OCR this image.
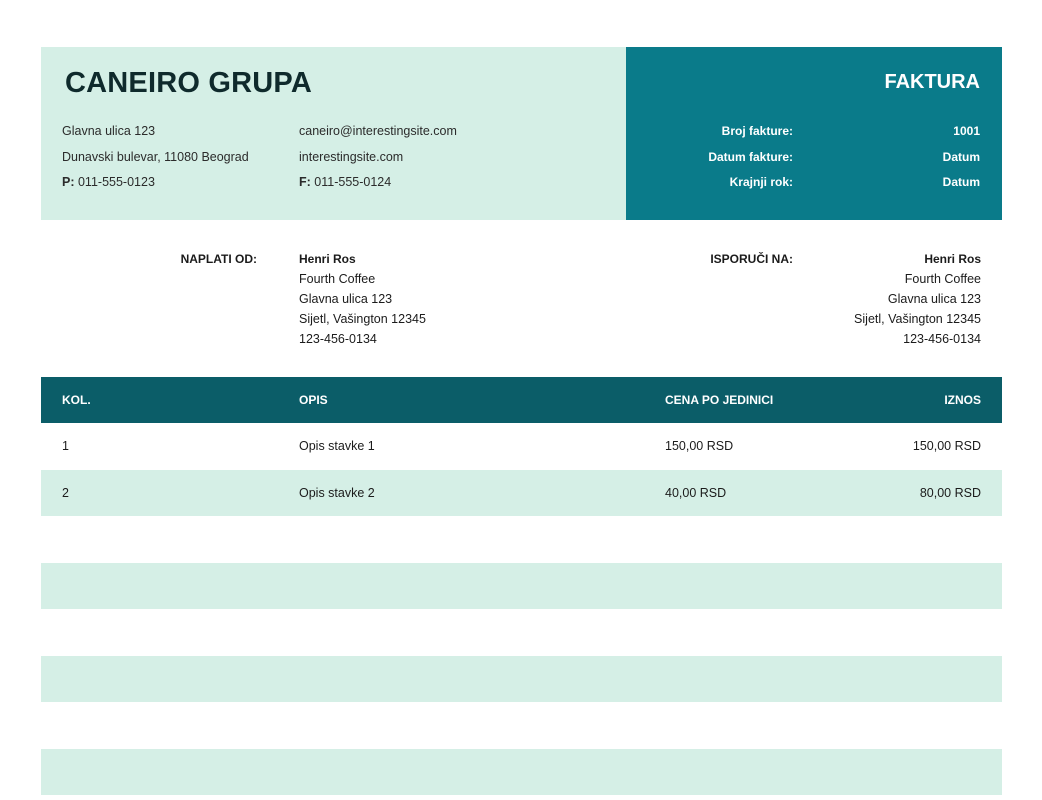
CANEIRO GRUPA
Glavna ulica 123
Dunavski bulevar, 11080 Beograd
P: 011-555-0123
caneiro@interestingsite.com
interestingsite.com
F: 011-555-0124
FAKTURA
Broj fakture:	1001
Datum fakture:	Datum
Krajnji rok:	Datum
NAPLATI OD:	Henri Ros
Fourth Coffee
Glavna ulica 123
Sijetl, Vašington 12345
123-456-0134
ISPORUČI NA:	Henri Ros
Fourth Coffee
Glavna ulica 123
Sijetl, Vašington 12345
123-456-0134
KOL.	OPIS	CENA PO JEDINICI	IZNOS
1	Opis stavke 1	150,00 RSD	150,00 RSD
2	Opis stavke 2	40,00 RSD	80,00 RSD
